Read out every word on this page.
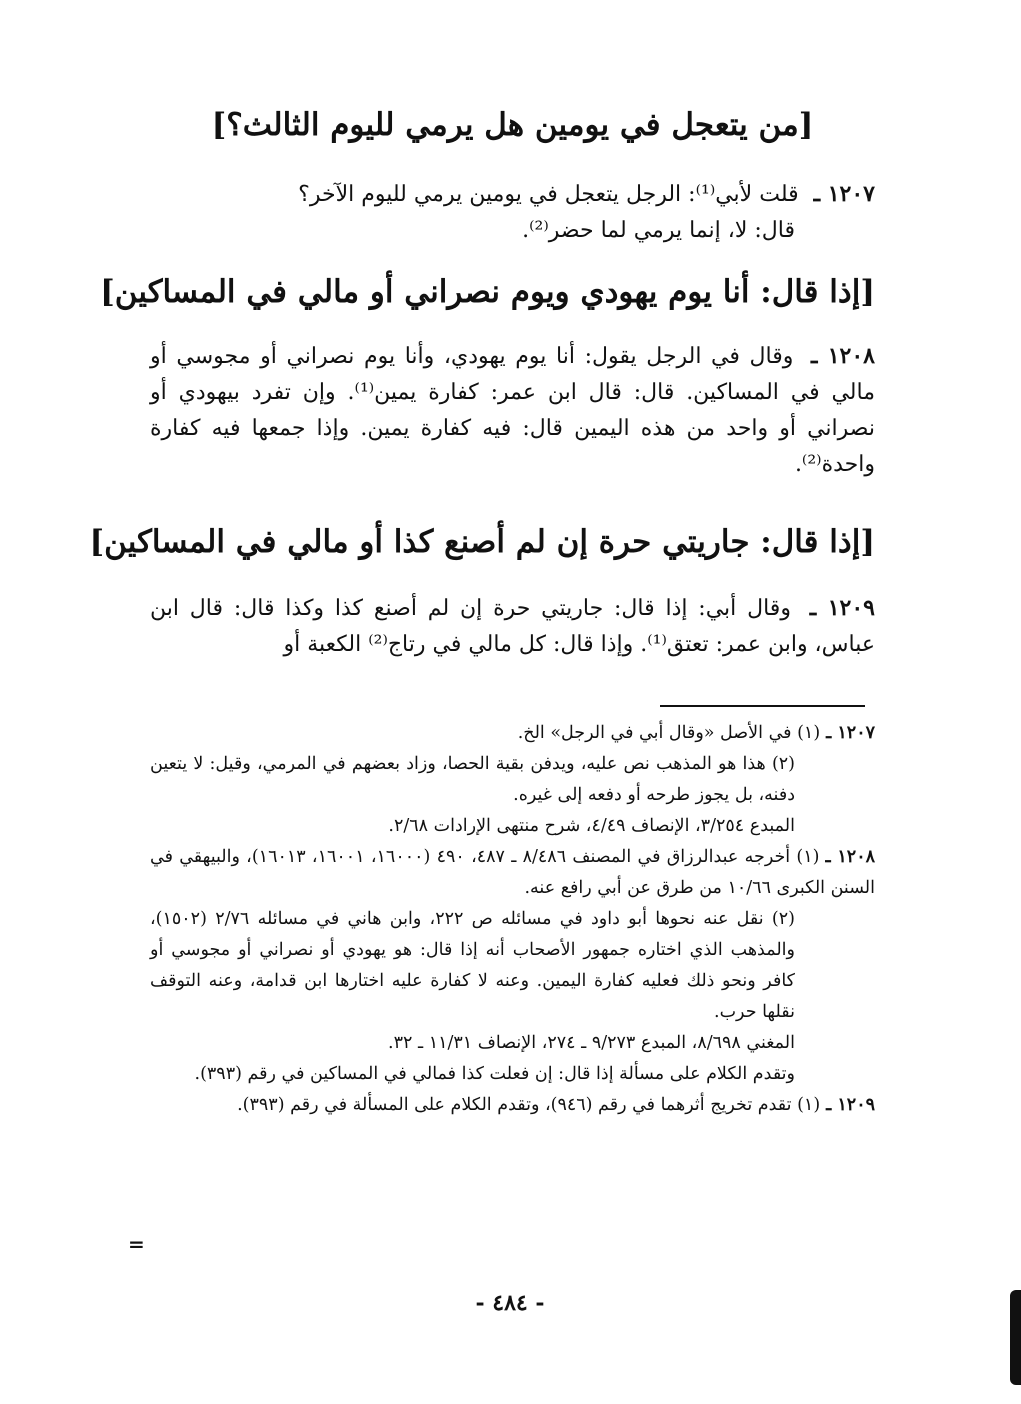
[من يتعجل في يومين هل يرمي لليوم الثالث؟]

١٢٠٧ ـ قلت لأبي⁽¹⁾: الرجل يتعجل في يومين يرمي لليوم الآخر؟
قال: لا، إنما يرمي لما حضر⁽²⁾.

[إذا قال: أنا يوم يهودي ويوم نصراني أو مالي في المساكين]

١٢٠٨ ـ وقال في الرجل يقول: أنا يوم يهودي، وأنا يوم نصراني أو مجوسي أو مالي في المساكين. قال: قال ابن عمر: كفارة يمين⁽¹⁾. وإن تفرد بيهودي أو نصراني أو واحد من هذه اليمين قال: فيه كفارة يمين. وإذا جمعها فيه كفارة واحدة⁽²⁾.

[إذا قال: جاريتي حرة إن لم أصنع كذا أو مالي في المساكين]

١٢٠٩ ـ وقال أبي: إذا قال: جاريتي حرة إن لم أصنع كذا وكذا قال: قال ابن عباس، وابن عمر: تعتق⁽¹⁾. وإذا قال: كل مالي في رتاج⁽²⁾ الكعبة أو

١٢٠٧ ـ(١) في الأصل «وقال أبي في الرجل» الخ.

(٢) هذا هو المذهب نص عليه، ويدفن بقية الحصا، وزاد بعضهم في المرمي، وقيل: لا يتعين دفنه، بل يجوز طرحه أو دفعه إلى غيره.

المبدع ٣/٢٥٤، الإنصاف ٤/٤٩، شرح منتهى الإرادات ٢/٦٨.

١٢٠٨ ـ(١) أخرجه عبدالرزاق في المصنف ٨/٤٨٦ ـ ٤٨٧، ٤٩٠ (١٦٠٠٠، ١٦٠٠١، ١٦٠١٣)، والبيهقي في السنن الكبرى ١٠/٦٦ من طرق عن أبي رافع عنه.

(٢) نقل عنه نحوها أبو داود في مسائله ص ٢٢٢، وابن هاني في مسائله ٢/٧٦ (١٥٠٢)، والمذهب الذي اختاره جمهور الأصحاب أنه إذا قال: هو يهودي أو نصراني أو مجوسي أو كافر ونحو ذلك فعليه كفارة اليمين. وعنه لا كفارة عليه اختارها ابن قدامة، وعنه التوقف نقلها حرب.

المغني ٨/٦٩٨، المبدع ٩/٢٧٣ ـ ٢٧٤، الإنصاف ١١/٣١ ـ ٣٢.

وتقدم الكلام على مسألة إذا قال: إن فعلت كذا فمالي في المساكين في رقم (٣٩٣).

١٢٠٩ ـ(١) تقدم تخريج أثرهما في رقم (٩٤٦)، وتقدم الكلام على المسألة في رقم (٣٩٣).

=
- ٤٨٤ -
